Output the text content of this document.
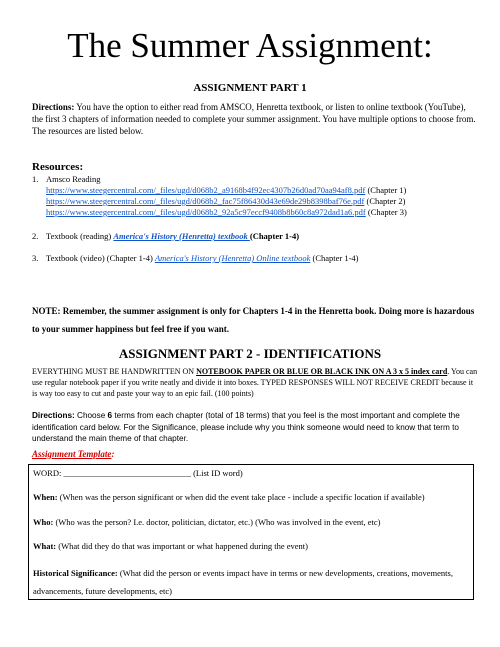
The Summer Assignment:
ASSIGNMENT PART 1
Directions: You have the option to either read from AMSCO, Henretta textbook, or listen to online textbook (YouTube), the first 3 chapters of information needed to complete your summer assignment. You have multiple options to choose from. The resources are listed below.
Resources:
1. Amsco Reading
https://www.steegercentral.com/_files/ugd/d068b2_a9168b4f92ec4307b26d0ad70aa94af8.pdf (Chapter 1)
https://www.steegercentral.com/_files/ugd/d068b2_fac75f86430d43e69de29b8398baf76e.pdf (Chapter 2)
https://www.steegercentral.com/_files/ugd/d068b2_92a5c97eccf9408b8b60c8a972dad1a6.pdf (Chapter 3)
2. Textbook (reading) America's History (Henretta) textbook (Chapter 1-4)
3. Textbook (video) (Chapter 1-4) America's History (Henretta) Online textbook (Chapter 1-4)
NOTE: Remember, the summer assignment is only for Chapters 1-4 in the Henretta book. Doing more is hazardous to your summer happiness but feel free if you want.
ASSIGNMENT PART 2 - IDENTIFICATIONS
EVERYTHING MUST BE HANDWRITTEN ON NOTEBOOK PAPER OR BLUE OR BLACK INK ON A 3 x 5 index card. You can use regular notebook paper if you write neatly and divide it into boxes. TYPED RESPONSES WILL NOT RECEIVE CREDIT because it is way too easy to cut and paste your way to an epic fail. (100 points)
Directions: Choose 6 terms from each chapter (total of 18 terms) that you feel is the most important and complete the identification card below. For the Significance, please include why you think someone would need to know that term to understand the main theme of that chapter.
Assignment Template:
WORD: ______________________________ (List ID word)
When: (When was the person significant or when did the event take place - include a specific location if available)
Who: (Who was the person? I.e. doctor, politician, dictator, etc.) (Who was involved in the event, etc)
What: (What did they do that was important or what happened during the event)
Historical Significance: (What did the person or events impact have in terms or new developments, creations, movements, advancements, future developments, etc)
